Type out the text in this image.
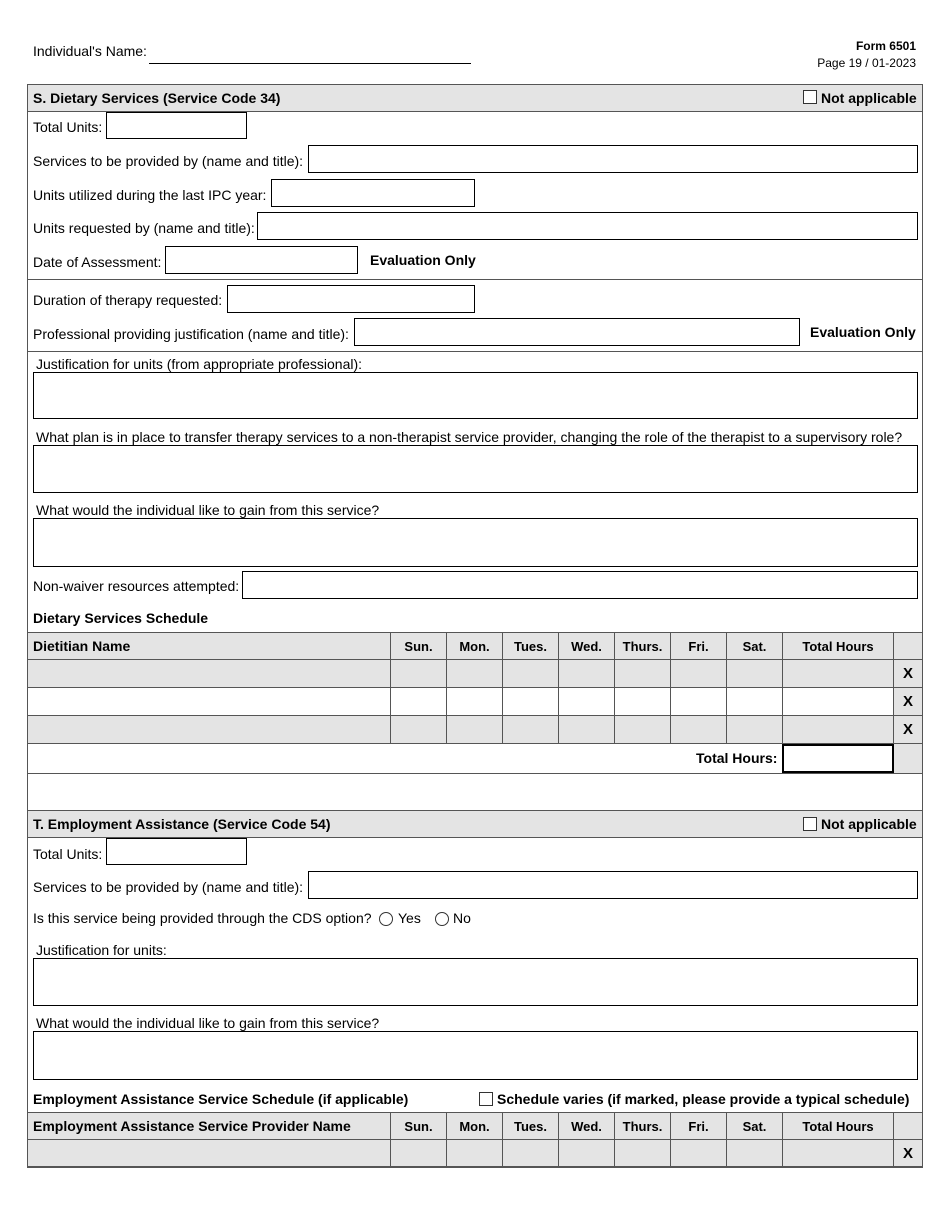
Individual's Name:	Form 6501
Page 19 / 01-2023
S. Dietary Services (Service Code 34)	Not applicable
Total Units:
Services to be provided by (name and title):
Units utilized during the last IPC year:
Units requested by (name and title):
Date of Assessment:	Evaluation Only
Duration of therapy requested:
Professional providing justification (name and title):	Evaluation Only
Justification for units (from appropriate professional):
What plan is in place to transfer therapy services to a non-therapist service provider, changing the role of the therapist to a supervisory role?
What would the individual like to gain from this service?
Non-waiver resources attempted:
Dietary Services Schedule
Dietitian Name	Sun.	Mon.	Tues.	Wed.	Thurs.	Fri.	Sat.	Total Hours
X
X
X
Total Hours:
T. Employment Assistance (Service Code 54)	Not applicable
Total Units:
Services to be provided by (name and title):
Is this service being provided through the CDS option? Yes No
Justification for units:
What would the individual like to gain from this service?
Employment Assistance Service Schedule (if applicable)	Schedule varies (if marked, please provide a typical schedule)
Employment Assistance Service Provider Name	Sun.	Mon.	Tues.	Wed.	Thurs.	Fri.	Sat.	Total Hours
X
